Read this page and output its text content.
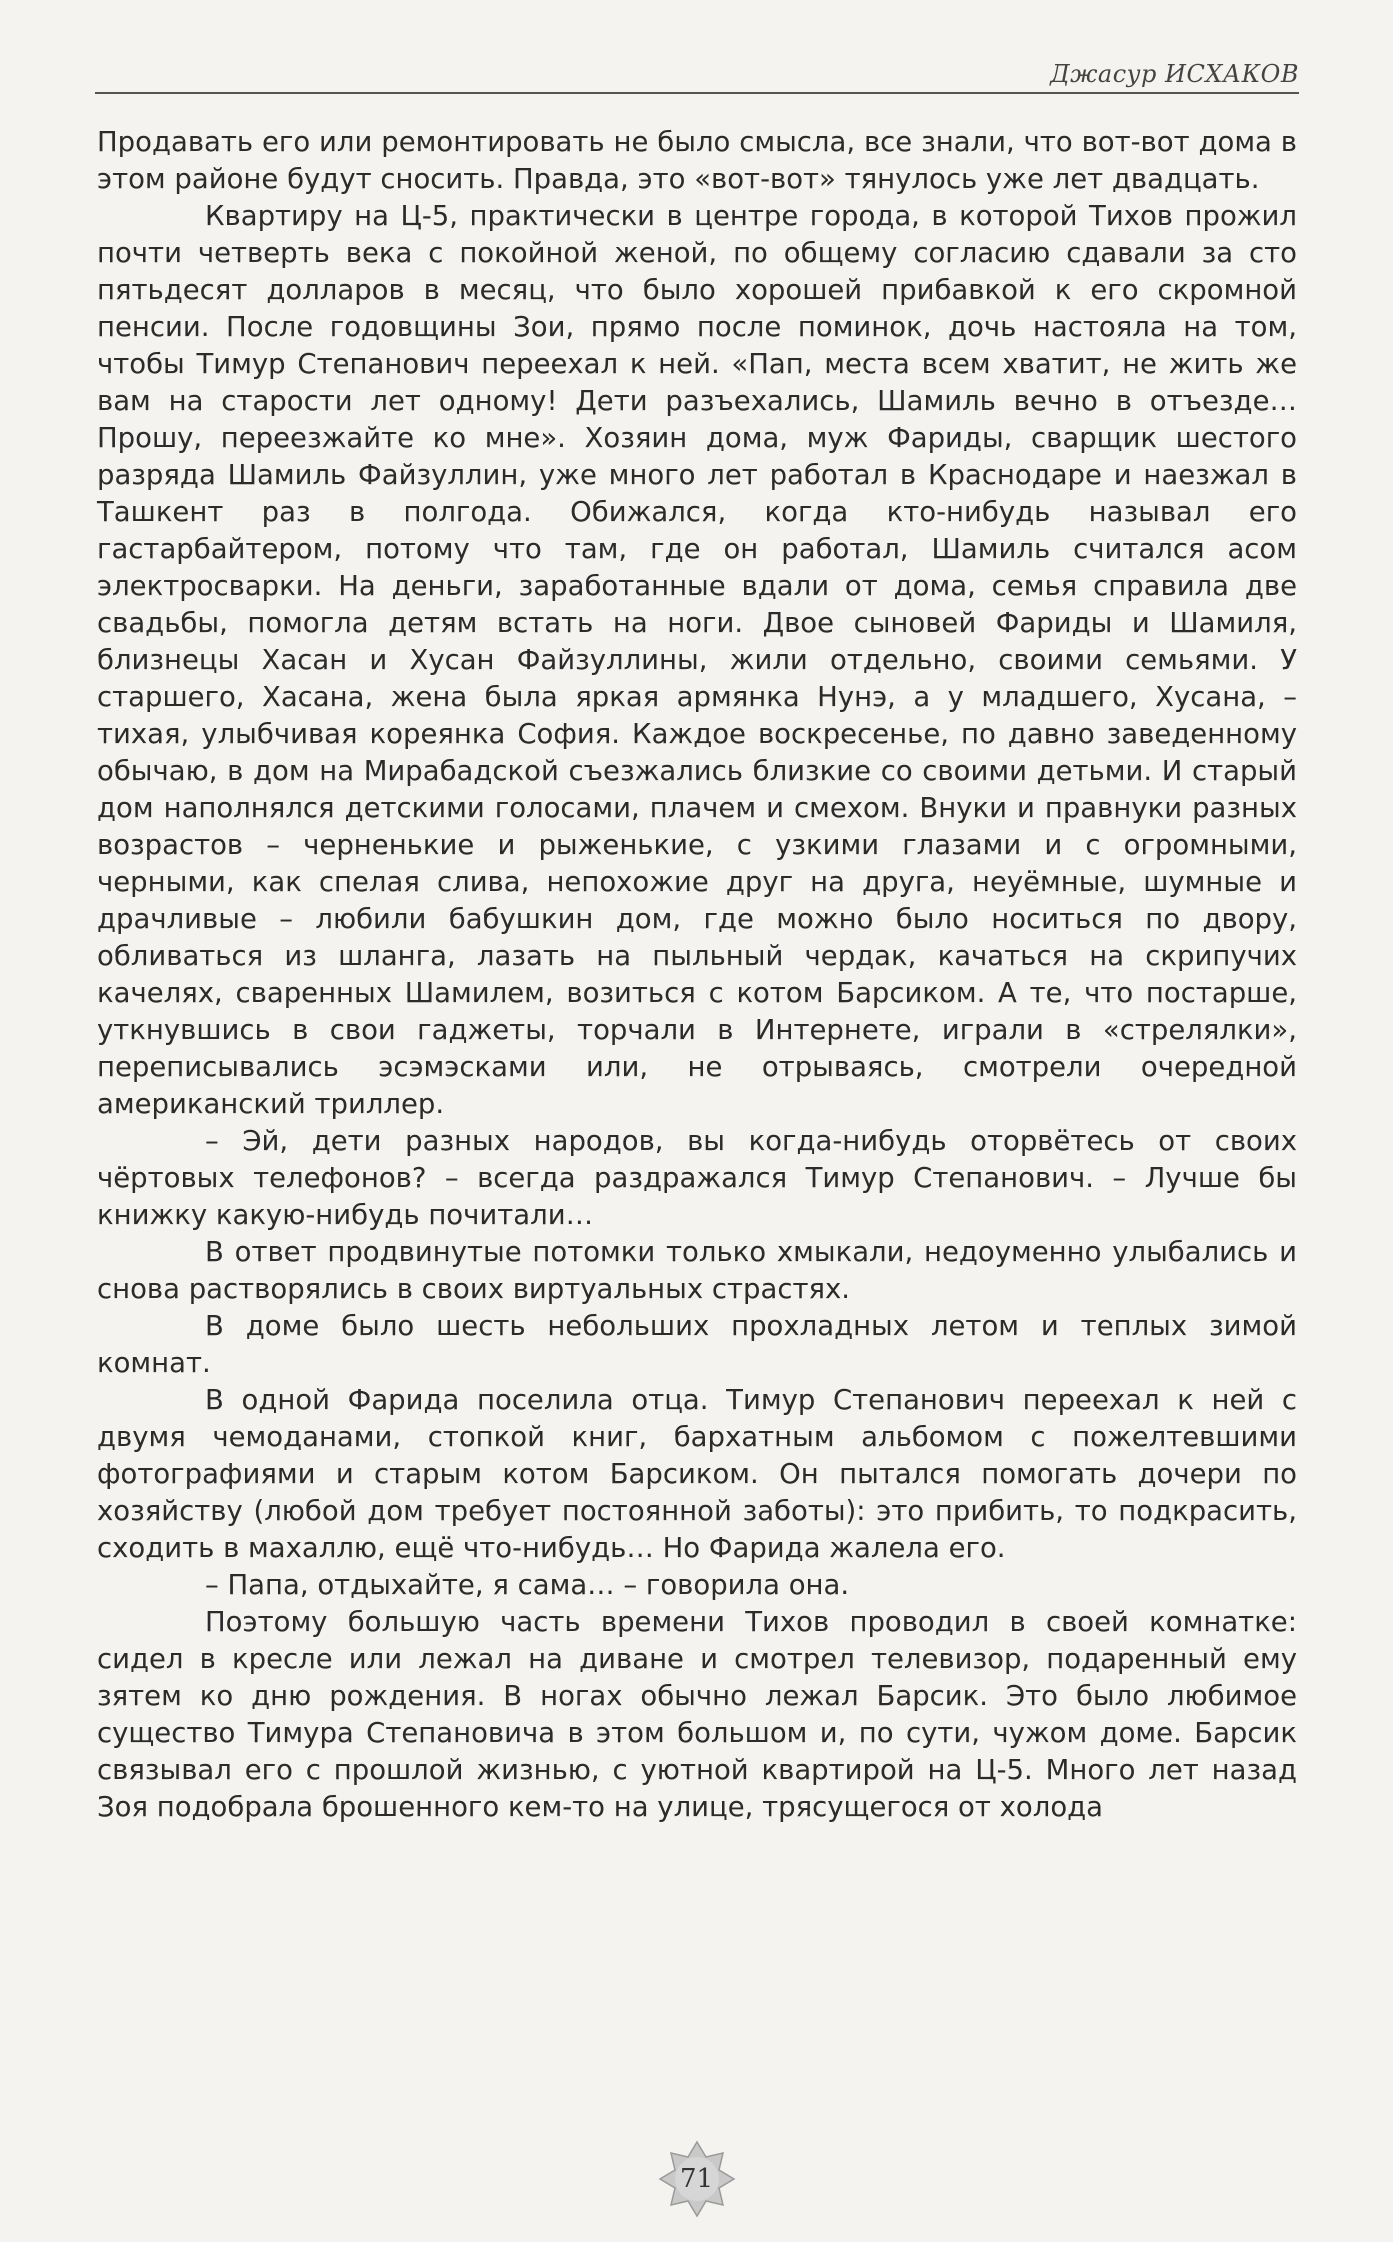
Джасур ИСХАКОВ

Продавать его или ремонтировать не было смысла, все знали, что вот-вот дома в этом районе будут сносить. Правда, это «вот-вот» тянулось уже лет двадцать.

Квартиру на Ц-5, практически в центре города, в которой Тихов прожил почти четверть века с покойной женой, по общему согласию сдавали за сто пятьдесят долларов в месяц, что было хорошей прибавкой к его скромной пенсии. После годовщины Зои, прямо после поминок, дочь настояла на том, чтобы Тимур Степанович переехал к ней. «Пап, места всем хватит, не жить же вам на старости лет одному! Дети разъехались, Шамиль вечно в отъезде… Прошу, переезжайте ко мне». Хозяин дома, муж Фариды, сварщик шестого разряда Шамиль Файзуллин, уже много лет работал в Краснодаре и наезжал в Ташкент раз в полгода. Обижался, когда кто-нибудь называл его гастарбайтером, потому что там, где он работал, Шамиль считался асом электросварки. На деньги, заработанные вдали от дома, семья справила две свадьбы, помогла детям встать на ноги. Двое сыновей Фариды и Шамиля, близнецы Хасан и Хусан Файзуллины, жили отдельно, своими семьями. У старшего, Хасана, жена была яркая армянка Нунэ, а у младшего, Хусана, – тихая, улыбчивая кореянка София. Каждое воскресенье, по давно заведенному обычаю, в дом на Мирабадской съезжались близкие со своими детьми. И старый дом наполнялся детскими голосами, плачем и смехом. Внуки и правнуки разных возрастов – черненькие и рыженькие, с узкими глазами и с огромными, черными, как спелая слива, непохожие друг на друга, неуёмные, шумные и драчливые – любили бабушкин дом, где можно было носиться по двору, обливаться из шланга, лазать на пыльный чердак, качаться на скрипучих качелях, сваренных Шамилем, возиться с котом Барсиком. А те, что постарше, уткнувшись в свои гаджеты, торчали в Интернете, играли в «стрелялки», переписывались эсэмэсками или, не отрываясь, смотрели очередной американский триллер.

– Эй, дети разных народов, вы когда-нибудь оторвётесь от своих чёртовых телефонов? – всегда раздражался Тимур Степанович. – Лучше бы книжку какую-нибудь почитали…

В ответ продвинутые потомки только хмыкали, недоуменно улыбались и снова растворялись в своих виртуальных страстях.

В доме было шесть небольших прохладных летом и теплых зимой комнат.

В одной Фарида поселила отца. Тимур Степанович переехал к ней с двумя чемоданами, стопкой книг, бархатным альбомом с пожелтевшими фотографиями и старым котом Барсиком. Он пытался помогать дочери по хозяйству (любой дом требует постоянной заботы): это прибить, то подкрасить, сходить в махаллю, ещё что-нибудь… Но Фарида жалела его.

– Папа, отдыхайте, я сама… – говорила она.

Поэтому большую часть времени Тихов проводил в своей комнатке: сидел в кресле или лежал на диване и смотрел телевизор, подаренный ему зятем ко дню рождения. В ногах обычно лежал Барсик. Это было любимое существо Тимура Степановича в этом большом и, по сути, чужом доме. Барсик связывал его с прошлой жизнью, с уютной квартирой на Ц-5. Много лет назад Зоя подобрала брошенного кем-то на улице, трясущегося от холода

71
